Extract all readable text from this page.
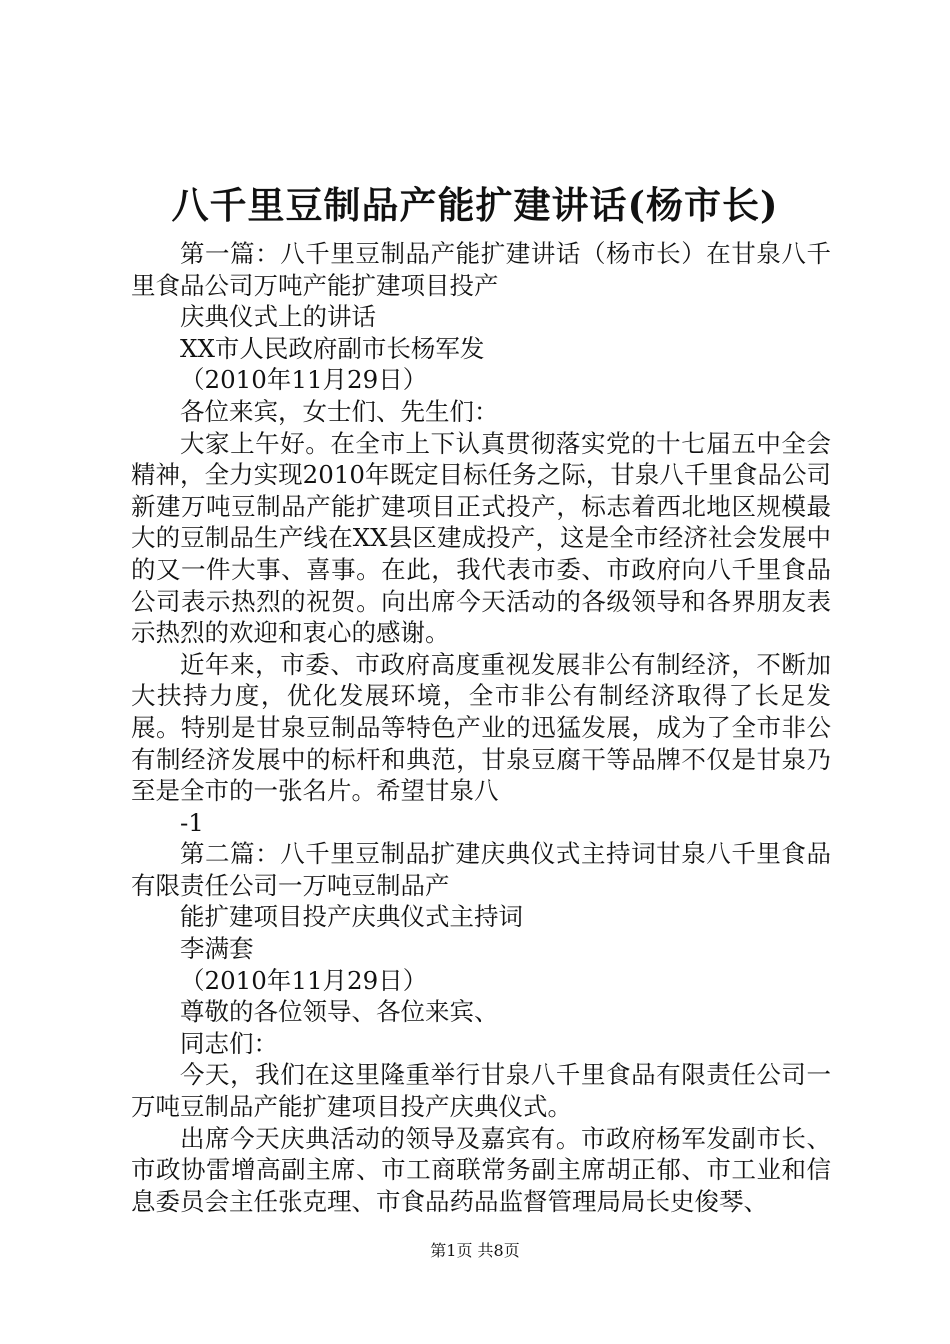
八千里豆制品产能扩建讲话(杨市长)

第一篇：八千里豆制品产能扩建讲话（杨市长）在甘泉八千里食品公司万吨产能扩建项目投产

庆典仪式上的讲话

XX市人民政府副市长杨军发

（2010年11月29日）

各位来宾，女士们、先生们：

大家上午好。在全市上下认真贯彻落实党的十七届五中全会精神，全力实现2010年既定目标任务之际，甘泉八千里食品公司新建万吨豆制品产能扩建项目正式投产，标志着西北地区规模最大的豆制品生产线在XX县区建成投产，这是全市经济社会发展中的又一件大事、喜事。在此，我代表市委、市政府向八千里食品公司表示热烈的祝贺。向出席今天活动的各级领导和各界朋友表示热烈的欢迎和衷心的感谢。

近年来，市委、市政府高度重视发展非公有制经济，不断加大扶持力度，优化发展环境，全市非公有制经济取得了长足发展。特别是甘泉豆制品等特色产业的迅猛发展，成为了全市非公有制经济发展中的标杆和典范，甘泉豆腐干等品牌不仅是甘泉乃至是全市的一张名片。希望甘泉八

-1

第二篇：八千里豆制品扩建庆典仪式主持词甘泉八千里食品有限责任公司一万吨豆制品产

能扩建项目投产庆典仪式主持词

李满套

（2010年11月29日）

尊敬的各位领导、各位来宾、

同志们：

今天，我们在这里隆重举行甘泉八千里食品有限责任公司一万吨豆制品产能扩建项目投产庆典仪式。

出席今天庆典活动的领导及嘉宾有。市政府杨军发副市长、市政协雷增高副主席、市工商联常务副主席胡正郁、市工业和信息委员会主任张克理、市食品药品监督管理局局长史俊琴、

第1页 共8页
